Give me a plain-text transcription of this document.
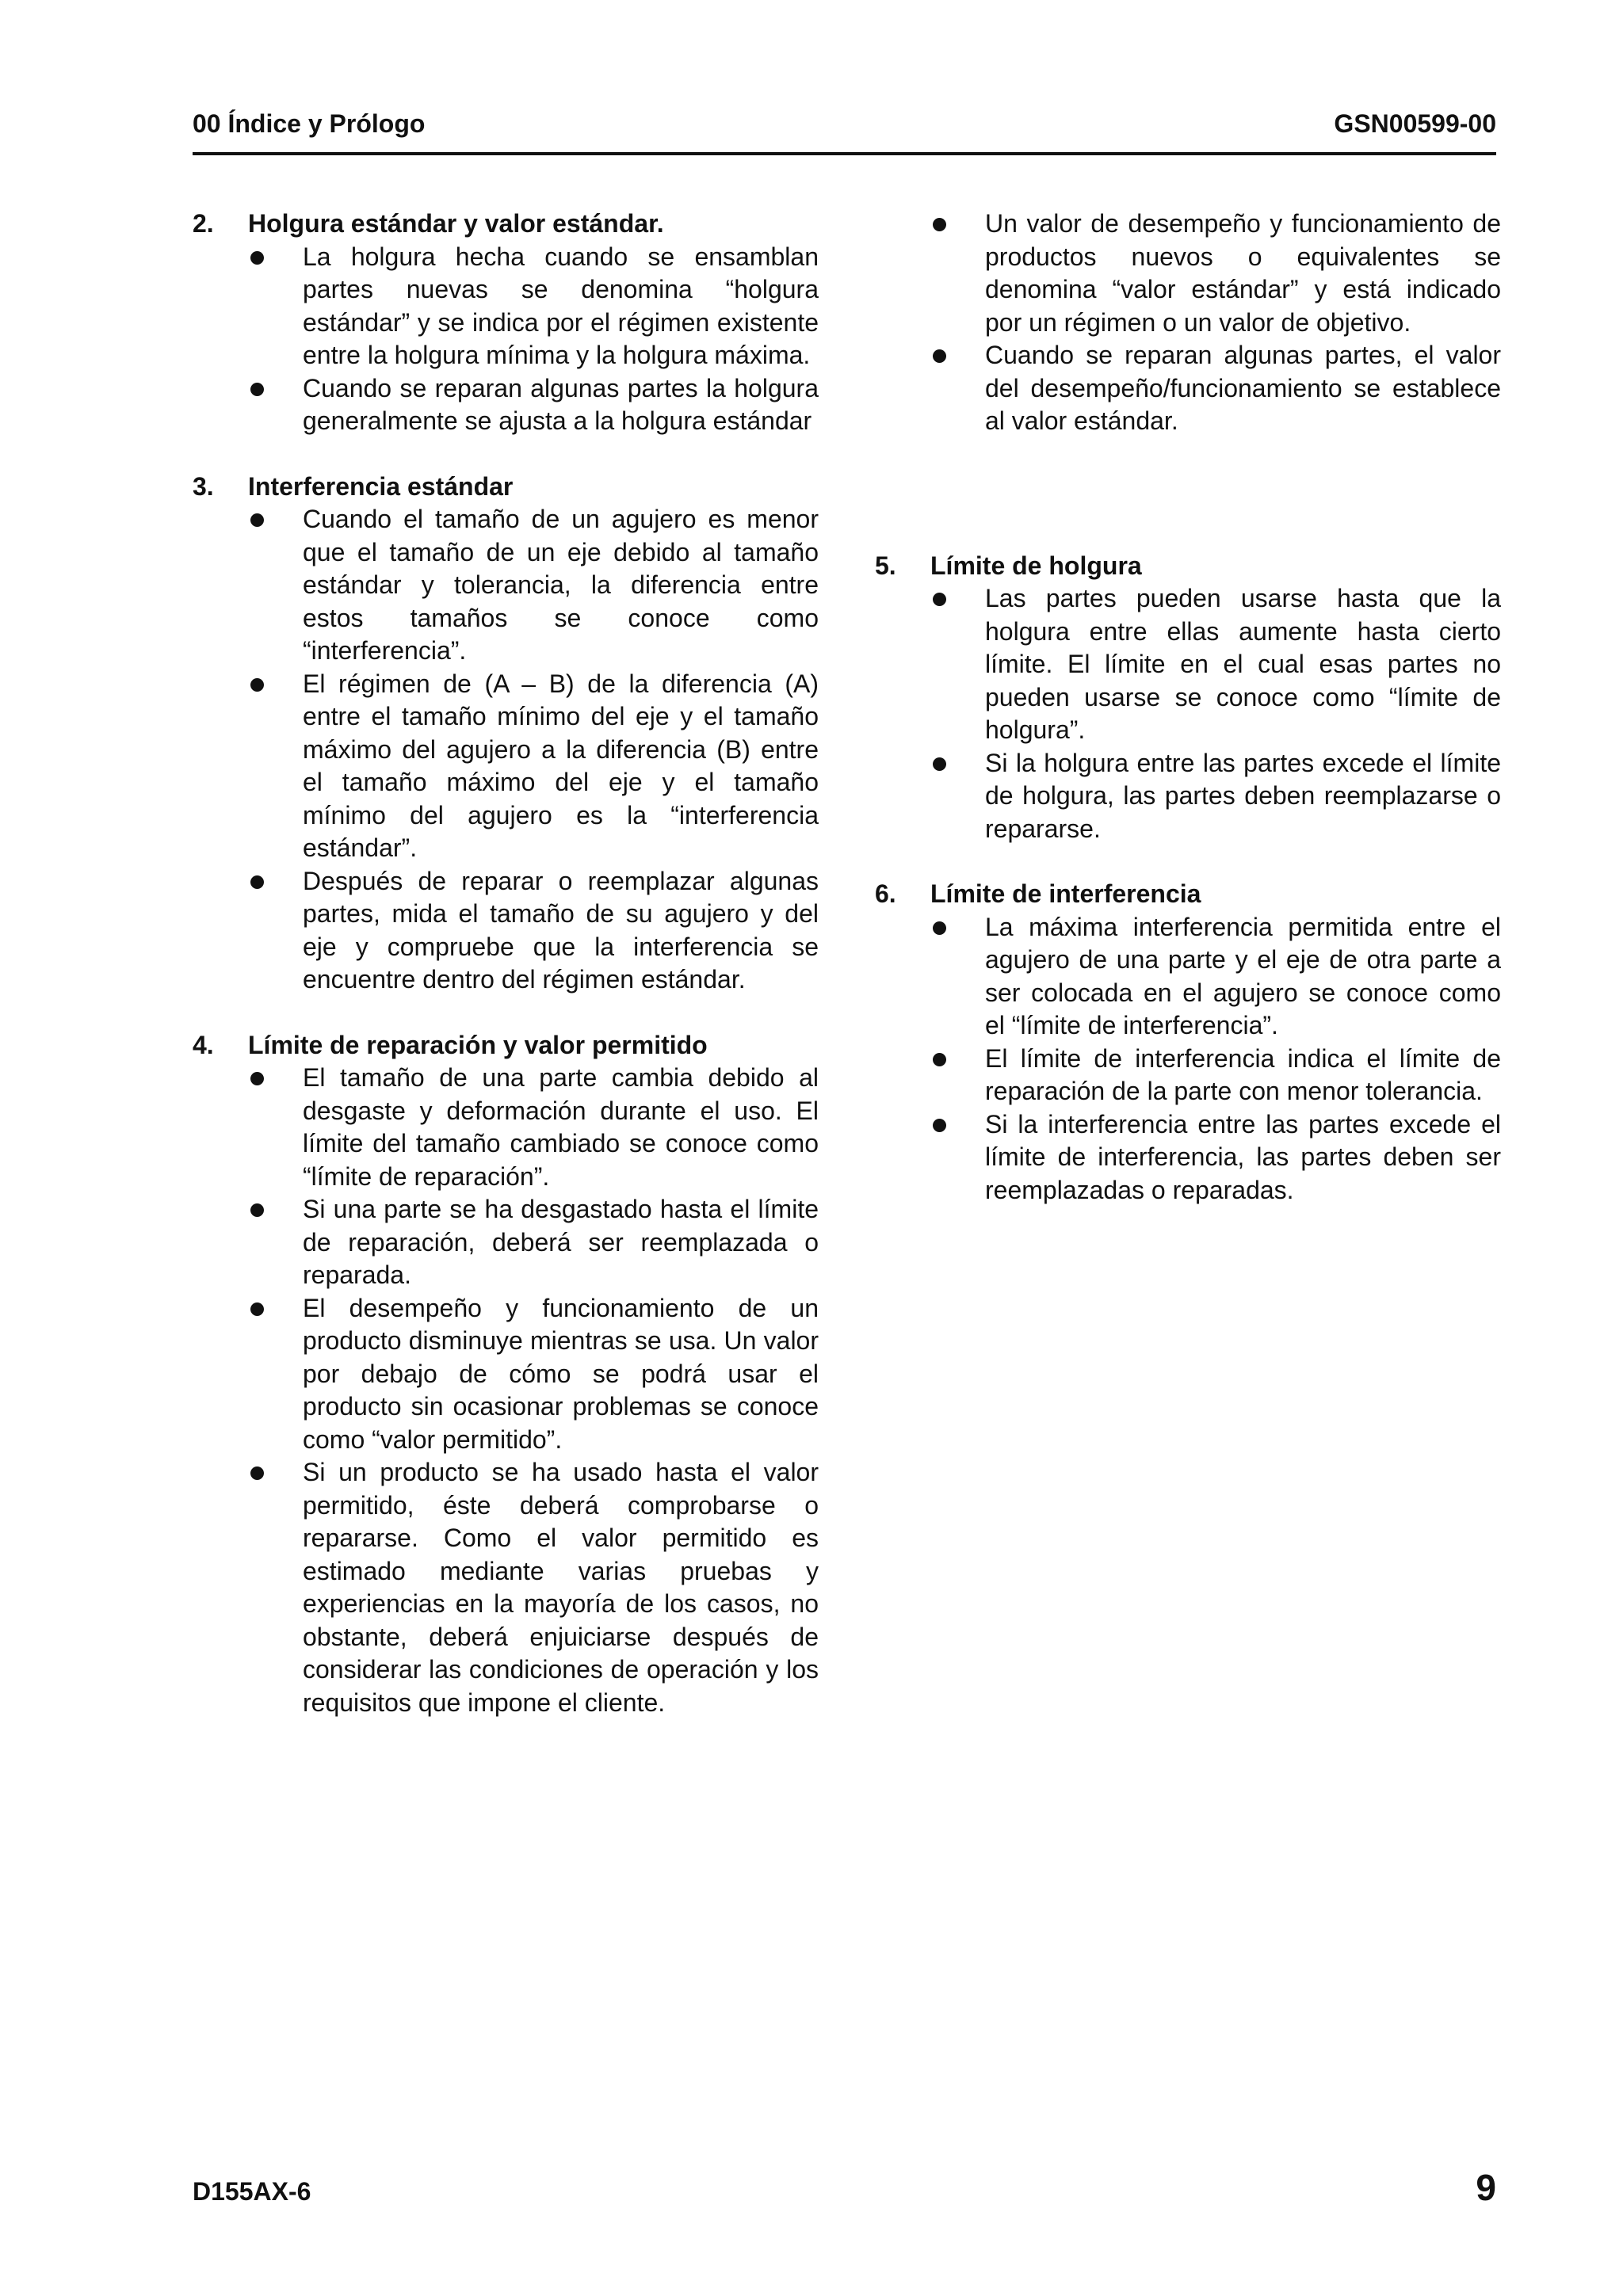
00 Índice y Prólogo	GSN00599-00
2. Holgura estándar y valor estándar.
La holgura hecha cuando se ensamblan partes nuevas se denomina “holgura estándar” y se indica por el régimen existente entre la holgura mínima y la holgura máxima.
Cuando se reparan algunas partes la holgura generalmente se ajusta a la holgura estándar
3. Interferencia estándar
Cuando el tamaño de un agujero es menor que el tamaño de un eje debido al tamaño estándar y tolerancia, la diferencia entre estos tamaños se conoce como “interferencia”.
El régimen de (A – B) de la diferencia (A) entre el tamaño mínimo del eje y el tamaño máximo del agujero a la diferencia (B) entre el tamaño máximo del eje y el tamaño mínimo del agujero es la “interferencia estándar”.
Después de reparar o reemplazar algunas partes, mida el tamaño de su agujero y del eje y compruebe que la interferencia se encuentre dentro del régimen estándar.
4. Límite de reparación y valor permitido
El tamaño de una parte cambia debido al desgaste y deformación durante el uso. El límite del tamaño cambiado se conoce como “límite de reparación”.
Si una parte se ha desgastado hasta el límite de reparación, deberá ser reemplazada o reparada.
El desempeño y funcionamiento de un producto disminuye mientras se usa. Un valor por debajo de cómo se podrá usar el producto sin ocasionar problemas se conoce como “valor permitido”.
Si un producto se ha usado hasta el valor permitido, éste deberá comprobarse o repararse. Como el valor permitido es estimado mediante varias pruebas y experiencias en la mayoría de los casos, no obstante, deberá enjuiciarse después de considerar las condiciones de operación y los requisitos que impone el cliente.
Un valor de desempeño y funcionamiento de productos nuevos o equivalentes se denomina “valor estándar” y está indicado por un régimen o un valor de objetivo.
Cuando se reparan algunas partes, el valor del desempeño/funcionamiento se establece al valor estándar.
5. Límite de holgura
Las partes pueden usarse hasta que la holgura entre ellas aumente hasta cierto límite. El límite en el cual esas partes no pueden usarse se conoce como “límite de holgura”.
Si la holgura entre las partes excede el límite de holgura, las partes deben reemplazarse o repararse.
6. Límite de interferencia
La máxima interferencia permitida entre el agujero de una parte y el eje de otra parte a ser colocada en el agujero se conoce como el “límite de interferencia”.
El límite de interferencia indica el límite de reparación de la parte con menor tolerancia.
Si la interferencia entre las partes excede el límite de interferencia, las partes deben ser reemplazadas o reparadas.
D155AX-6	9
